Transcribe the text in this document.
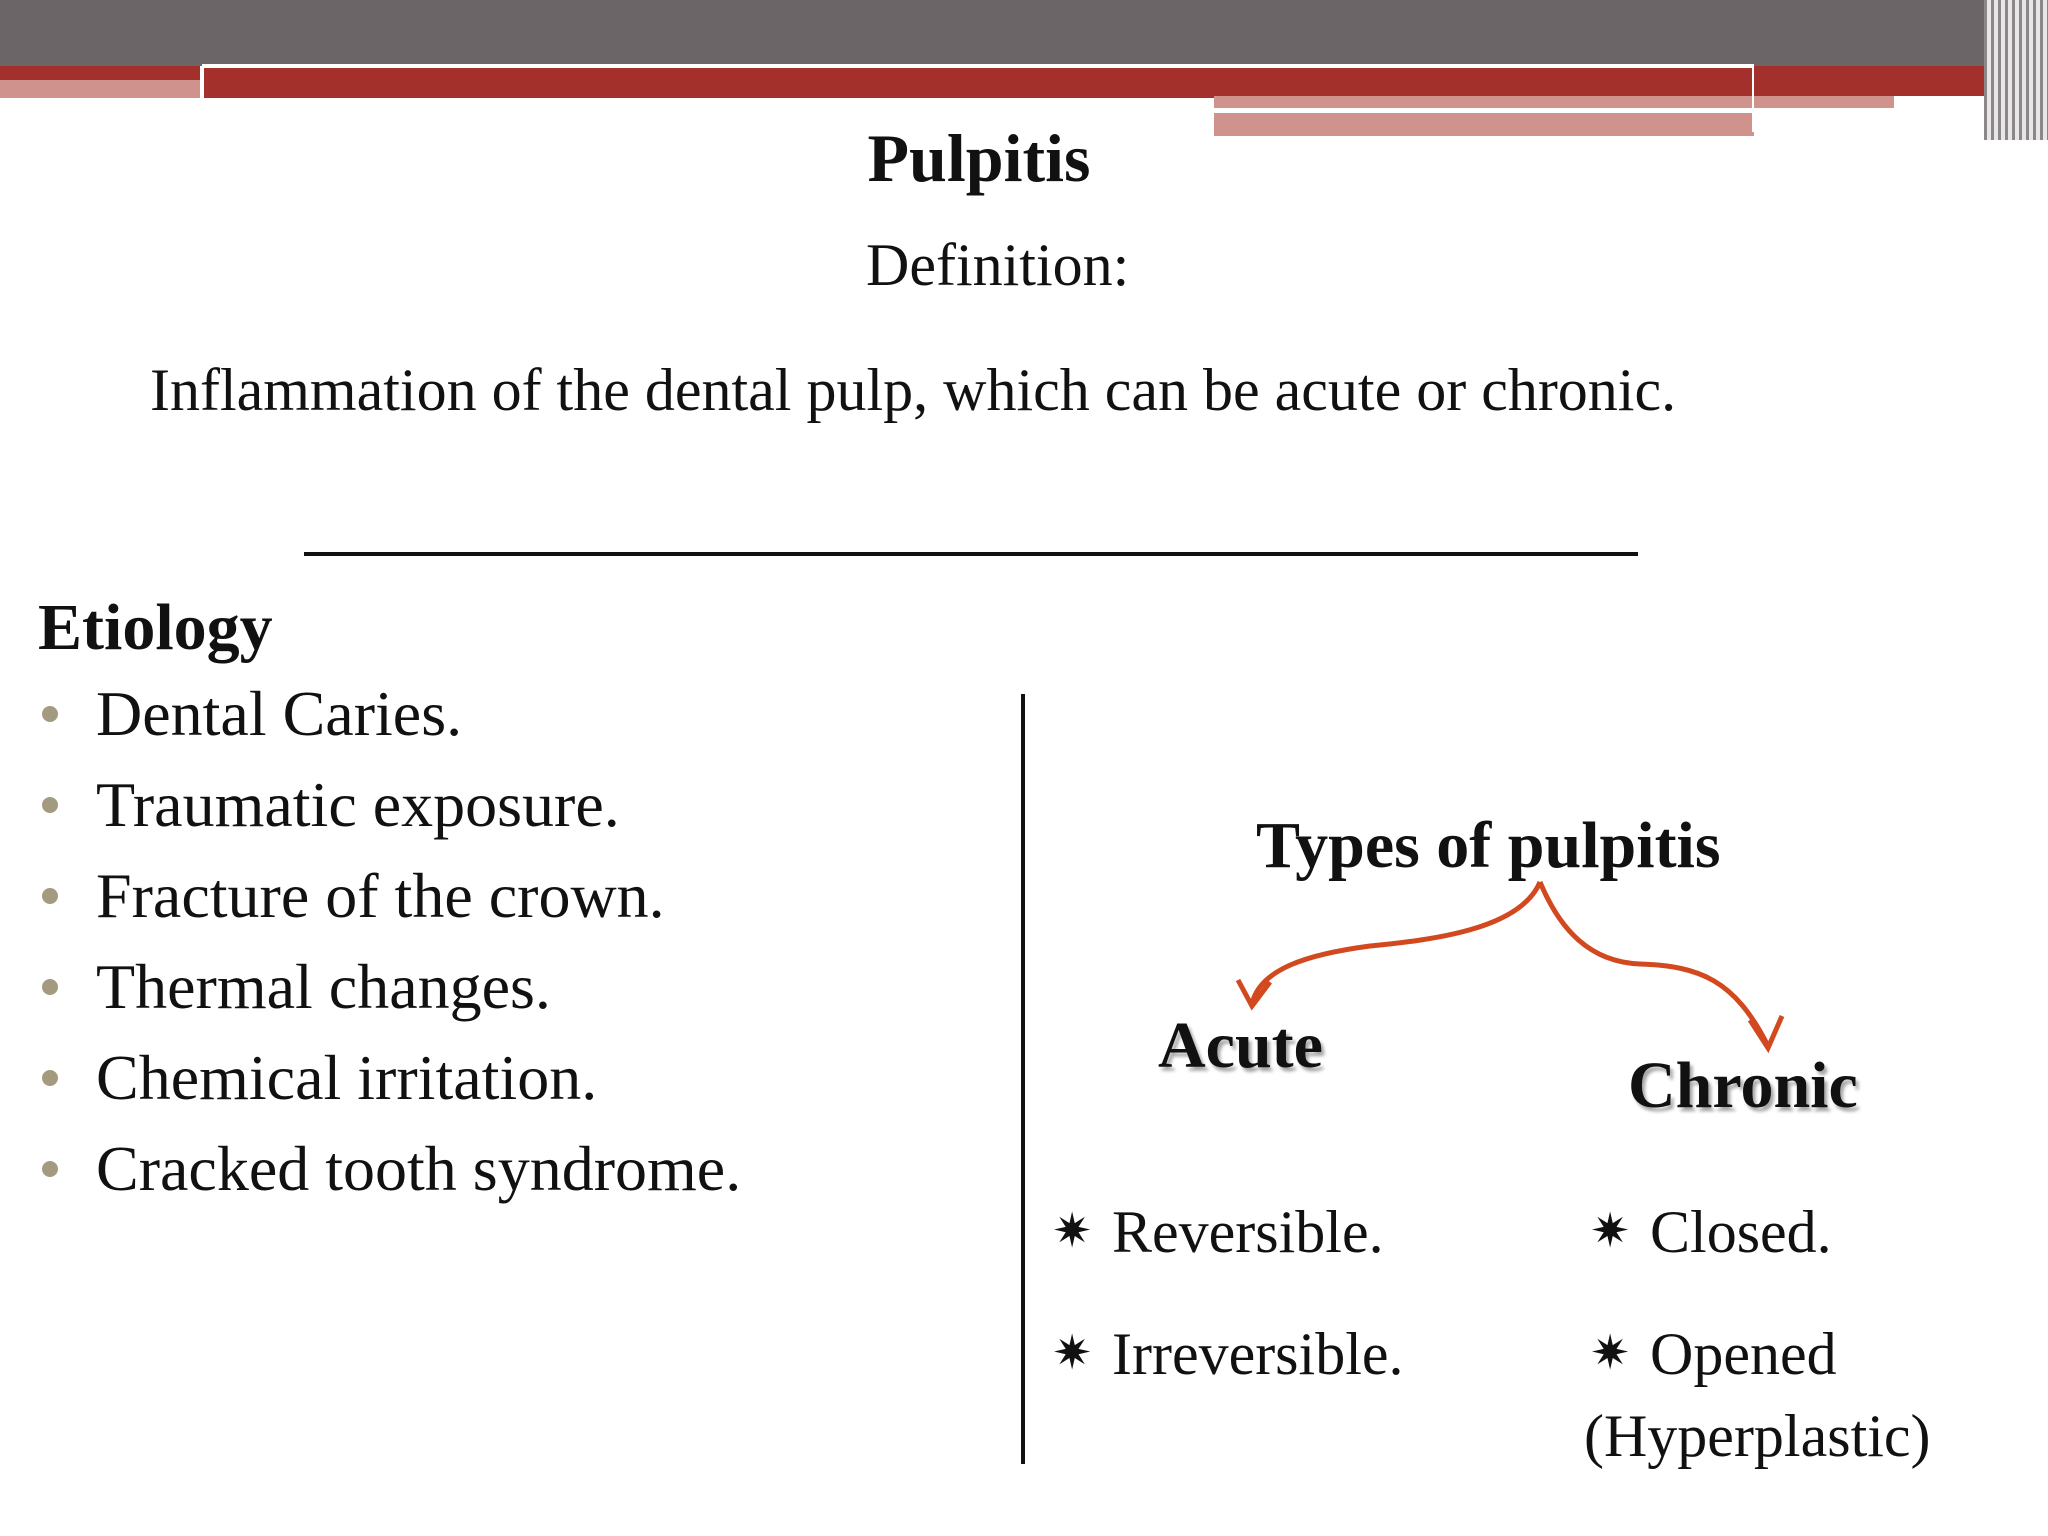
Pulpitis
Definition:
Inflammation of the dental pulp, which can be acute or chronic.
Etiology
Dental Caries.
Traumatic exposure.
Fracture of the crown.
Thermal changes.
Chemical irritation.
Cracked tooth syndrome.
Types of pulpitis
Acute
Chronic
✷ Reversible.
✷ Irreversible.
✷ Closed.
✷ Opened
(Hyperplastic)
